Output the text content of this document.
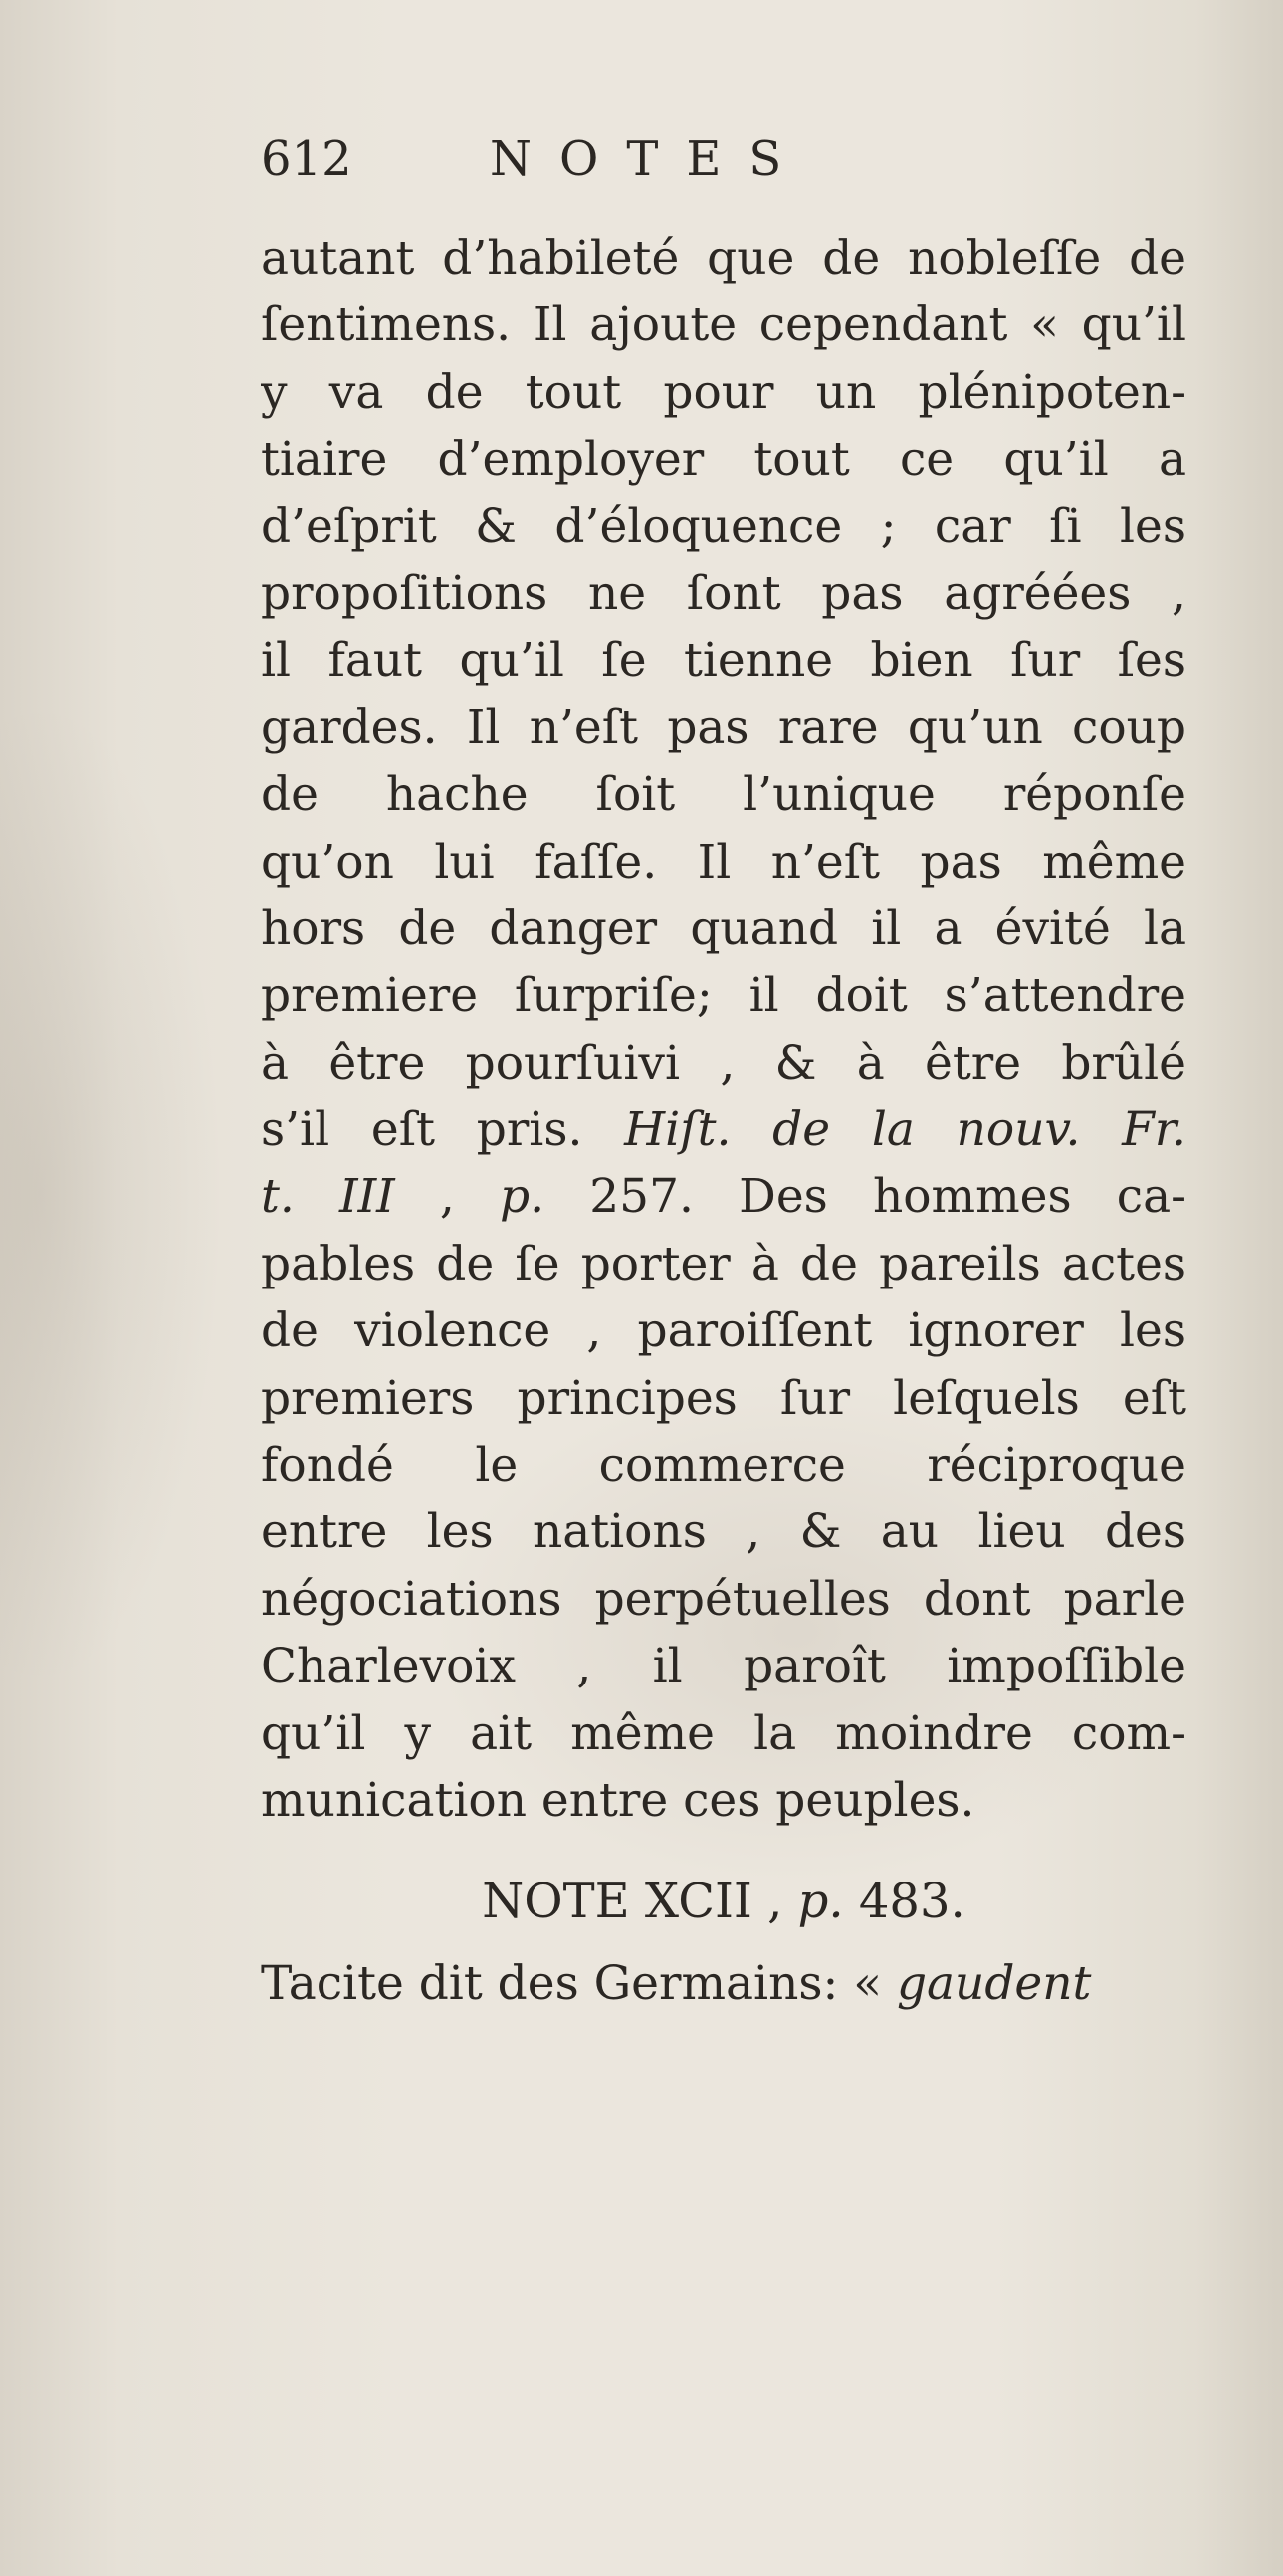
612	NOTES
autant d’habileté que de nobleſſe de
ſentimens. Il ajoute cependant « qu’il
y va de tout pour un plénipoten-
tiaire d’employer tout ce qu’il a
d’eſprit & d’éloquence ; car ſi les
propoſitions ne ſont pas agréées ,
il faut qu’il ſe tienne bien ſur ſes
gardes. Il n’eſt pas rare qu’un coup
de hache ſoit l’unique réponſe
qu’on lui faſſe. Il n’eſt pas même
hors de danger quand il a évité la
premiere ſurpriſe; il doit s’attendre
à être pourſuivi , & à être brûlé
s’il eſt pris. Hiſt. de la nouv. Fr.
t. III , p. 257. Des hommes ca-
pables de ſe porter à de pareils actes
de violence , paroiſſent ignorer les
premiers principes ſur leſquels eſt
fondé le commerce réciproque
entre les nations , & au lieu des
négociations perpétuelles dont parle
Charlevoix , il paroît impoſſible
qu’il y ait même la moindre com-
munication entre ces peuples.
NOTE XCII , p. 483.
Tacite dit des Germains: « gaudent
